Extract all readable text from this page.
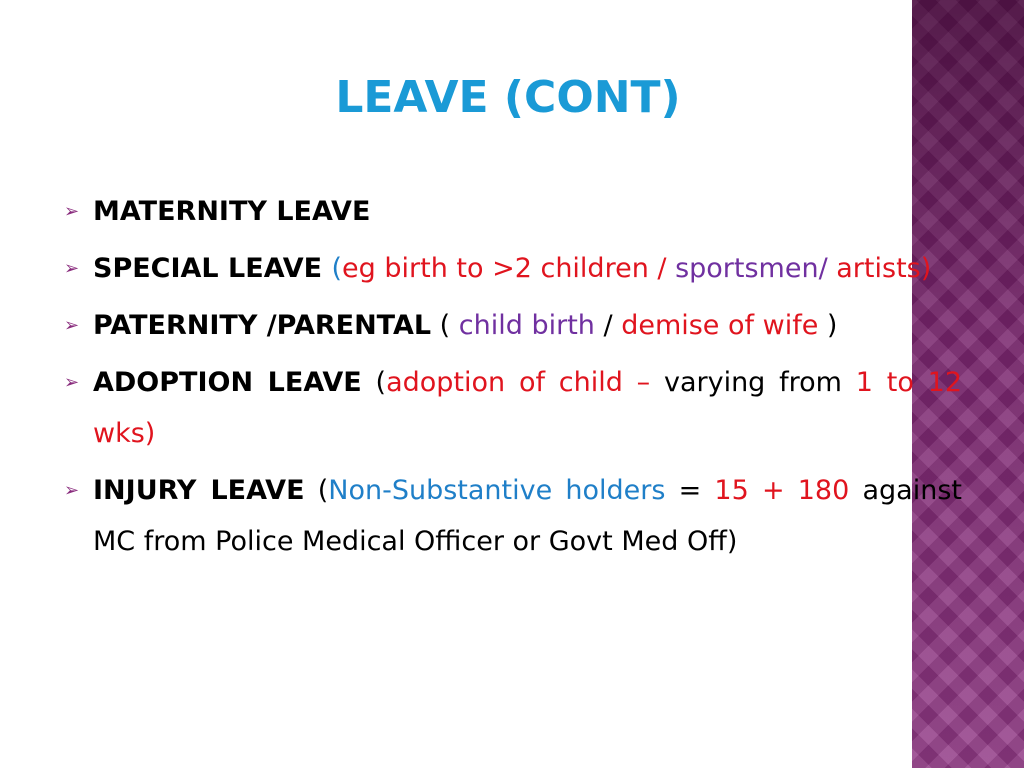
LEAVE (CONT)
➢ MATERNITY LEAVE
➢ SPECIAL LEAVE (eg birth to >2 children / sportsmen/ artists)
➢ PATERNITY /PARENTAL ( child birth / demise of wife )
➢ ADOPTION LEAVE (adoption of child – varying from 1 to 12 wks)
➢ INJURY LEAVE (Non-Substantive holders = 15 + 180 against MC from Police Medical Officer or Govt Med Off)
